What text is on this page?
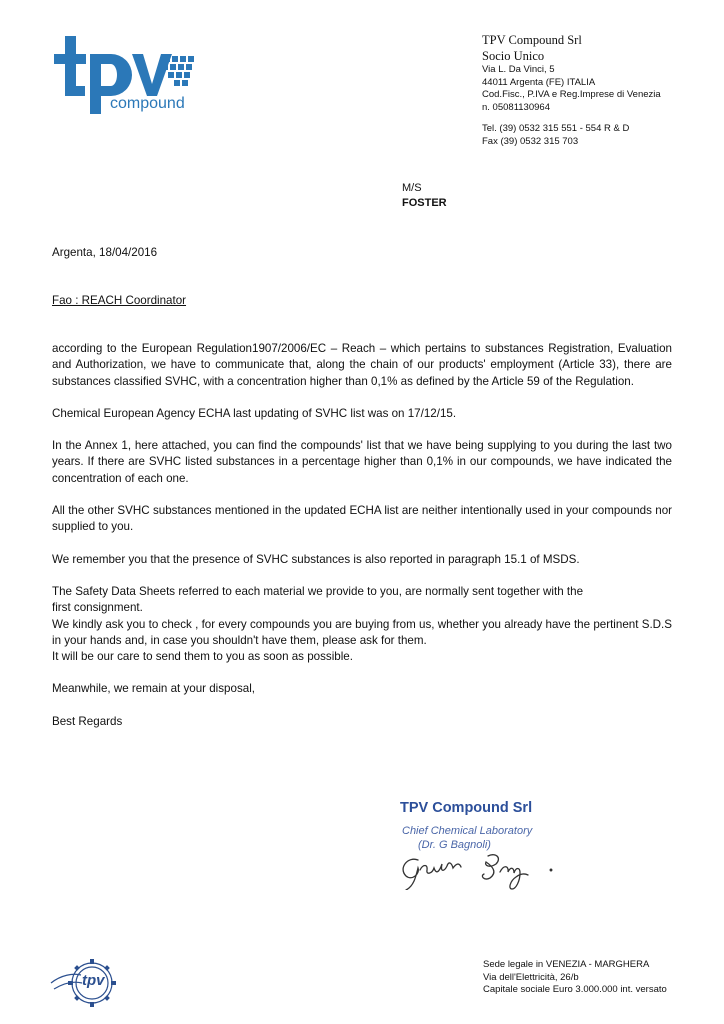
compound
TPV Compound Srl
Socio Unico
Via L. Da Vinci, 5
44011 Argenta (FE) ITALIA
Cod.Fisc., P.IVA e Reg.Imprese di Venezia
n. 05081130964
Tel. (39) 0532 315 551 - 554 R & D
Fax (39) 0532 315 703
M/S
FOSTER
Argenta, 18/04/2016
Fao : REACH Coordinator

according to the European Regulation1907/2006/EC – Reach – which pertains to substances Registration, Evaluation and Authorization, we have to communicate that, along the chain of our products' employment (Article 33), there are substances classified SVHC, with a concentration higher than 0,1% as defined by the Article 59 of the Regulation.

Chemical European Agency ECHA last updating of SVHC list was on 17/12/15.

In the Annex 1, here attached, you can find the compounds' list that we have being supplying to you during the last two years. If there are SVHC listed substances in a percentage higher than 0,1% in our compounds, we have indicated the concentration of each one.

All the other SVHC substances mentioned in the updated ECHA list are neither intentionally used in your compounds nor supplied to you.

We remember you that the presence of SVHC substances is also reported in paragraph 15.1 of MSDS.

The Safety Data Sheets referred to each material we provide to you, are normally sent together with the

first consignment.

We kindly ask you to check , for every compounds you are buying from us, whether you already have the pertinent S.D.S in your hands and, in case you shouldn't have them, please ask for them.

It will be our care to send them to you as soon as possible.

Meanwhile, we remain at your disposal,

Best Regards

TPV Compound Srl
Chief Chemical Laboratory
(Dr. G Bagnoli)
tpv
Sede legale in VENEZIA - MARGHERA
Via dell'Elettricità, 26/b
Capitale sociale Euro 3.000.000 int. versato
